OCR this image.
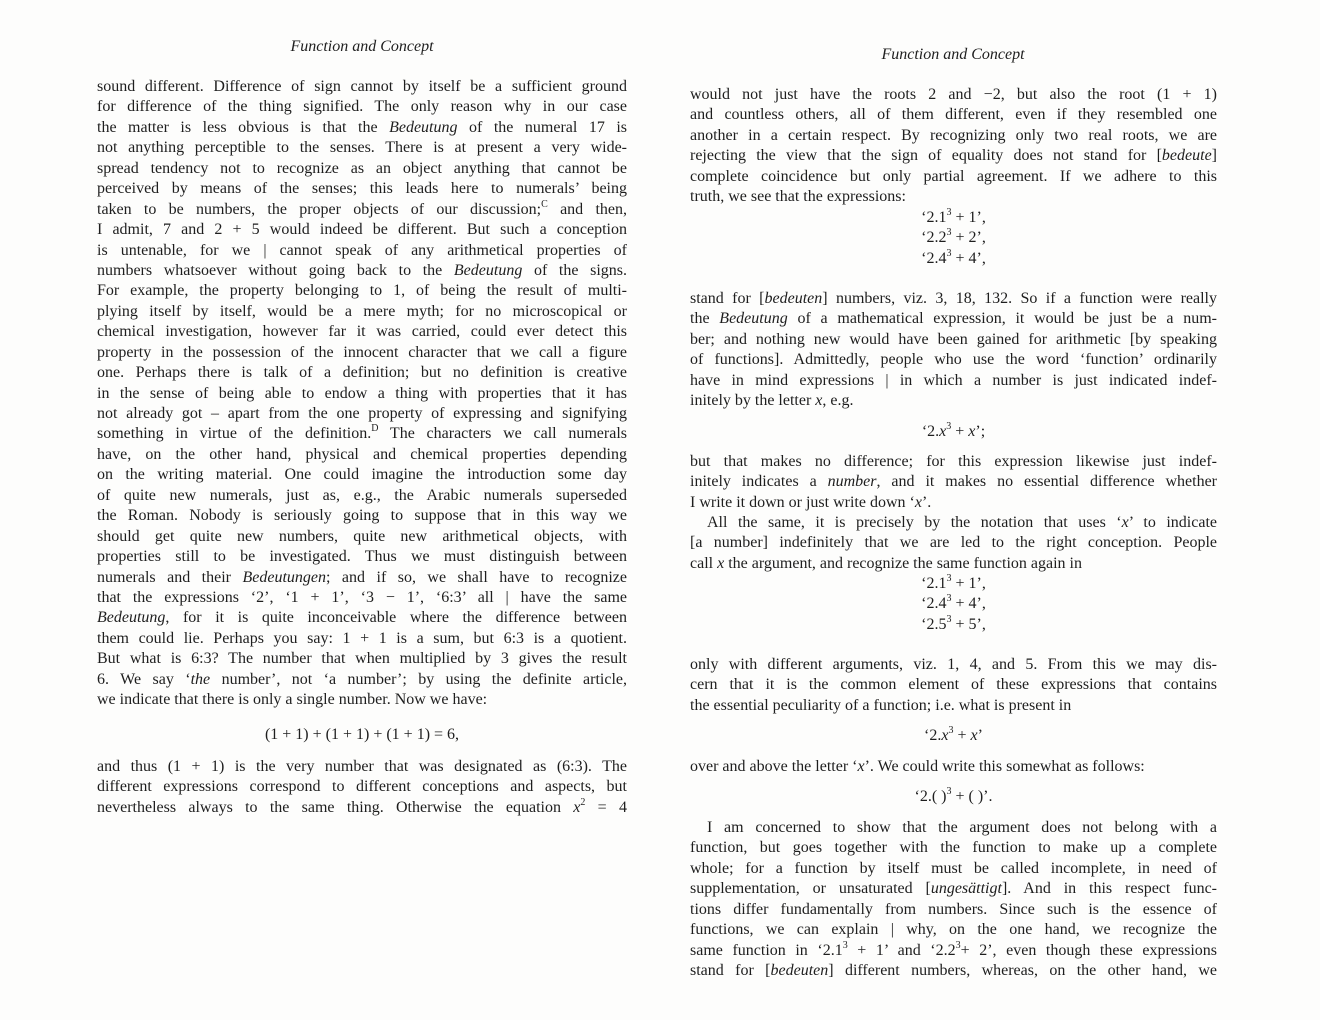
Function and Concept
sound different. Difference of sign cannot by itself be a sufficient ground
for difference of the thing signified. The only reason why in our case
the matter is less obvious is that the Bedeutung of the numeral 17 is
not anything perceptible to the senses. There is at present a very wide-
spread tendency not to recognize as an object anything that cannot be
perceived by means of the senses; this leads here to numerals’ being
taken to be numbers, the proper objects of our discussion;$^C$ and then,
I admit, 7 and 2 + 5 would indeed be different. But such a conception
is untenable, for we | cannot speak of any arithmetical properties of
numbers whatsoever without going back to the Bedeutung of the signs.
For example, the property belonging to 1, of being the result of multi-
plying itself by itself, would be a mere myth; for no microscopical or
chemical investigation, however far it was carried, could ever detect this
property in the possession of the innocent character that we call a figure
one. Perhaps there is talk of a definition; but no definition is creative
in the sense of being able to endow a thing with properties that it has
not already got – apart from the one property of expressing and signifying
something in virtue of the definition.$^D$ The characters we call numerals
have, on the other hand, physical and chemical properties depending
on the writing material. One could imagine the introduction some day
of quite new numerals, just as, e.g., the Arabic numerals superseded
the Roman. Nobody is seriously going to suppose that in this way we
should get quite new numbers, quite new arithmetical objects, with
properties still to be investigated. Thus we must distinguish between
numerals and their Bedeutungen; and if so, we shall have to recognize
that the expressions ‘2’, ‘1 + 1’, ‘3 − 1’, ‘6:3’ all | have the same
Bedeutung, for it is quite inconceivable where the difference between
them could lie. Perhaps you say: 1 + 1 is a sum, but 6:3 is a quotient.
But what is 6:3? The number that when multiplied by 3 gives the result
6. We say ‘the number’, not ‘a number’; by using the definite article,
we indicate that there is only a single number. Now we have:
(1 + 1) + (1 + 1) + (1 + 1) = 6,
and thus (1 + 1) is the very number that was designated as (6:3). The
different expressions correspond to different conceptions and aspects, but
nevertheless always to the same thing. Otherwise the equation $x^2 = 4$
Function and Concept
would not just have the roots 2 and −2, but also the root (1 + 1)
and countless others, all of them different, even if they resembled one
another in a certain respect. By recognizing only two real roots, we are
rejecting the view that the sign of equality does not stand for [bedeute]
complete coincidence but only partial agreement. If we adhere to this
truth, we see that the expressions:
‘$2.1^3 + 1$’,
‘$2.2^3 + 2$’,
‘$2.4^3 + 4$’,
stand for [bedeuten] numbers, viz. 3, 18, 132. So if a function were really
the Bedeutung of a mathematical expression, it would be just be a num-
ber; and nothing new would have been gained for arithmetic [by speaking
of functions]. Admittedly, people who use the word ‘function’ ordinarily
have in mind expressions | in which a number is just indicated indef-
initely by the letter x, e.g.
‘$2.x^3 + x$’;
but that makes no difference; for this expression likewise just indef-
initely indicates a number, and it makes no essential difference whether
I write it down or just write down ‘x’.
All the same, it is precisely by the notation that uses ‘x’ to indicate
[a number] indefinitely that we are led to the right conception. People
call x the argument, and recognize the same function again in
‘$2.1^3 + 1$’,
‘$2.4^3 + 4$’,
‘$2.5^3 + 5$’,
only with different arguments, viz. 1, 4, and 5. From this we may dis-
cern that it is the common element of these expressions that contains
the essential peculiarity of a function; i.e. what is present in
‘$2.x^3 + x$’
over and above the letter ‘x’. We could write this somewhat as follows:
‘2.( )$^3$ + ( )’.
I am concerned to show that the argument does not belong with a
function, but goes together with the function to make up a complete
whole; for a function by itself must be called incomplete, in need of
supplementation, or unsaturated [ungesättigt]. And in this respect func-
tions differ fundamentally from numbers. Since such is the essence of
functions, we can explain | why, on the one hand, we recognize the
same function in ‘$2.1^3 + 1$’ and ‘$2.2^3+ 2$’, even though these expressions
stand for [bedeuten] different numbers, whereas, on the other hand, we
